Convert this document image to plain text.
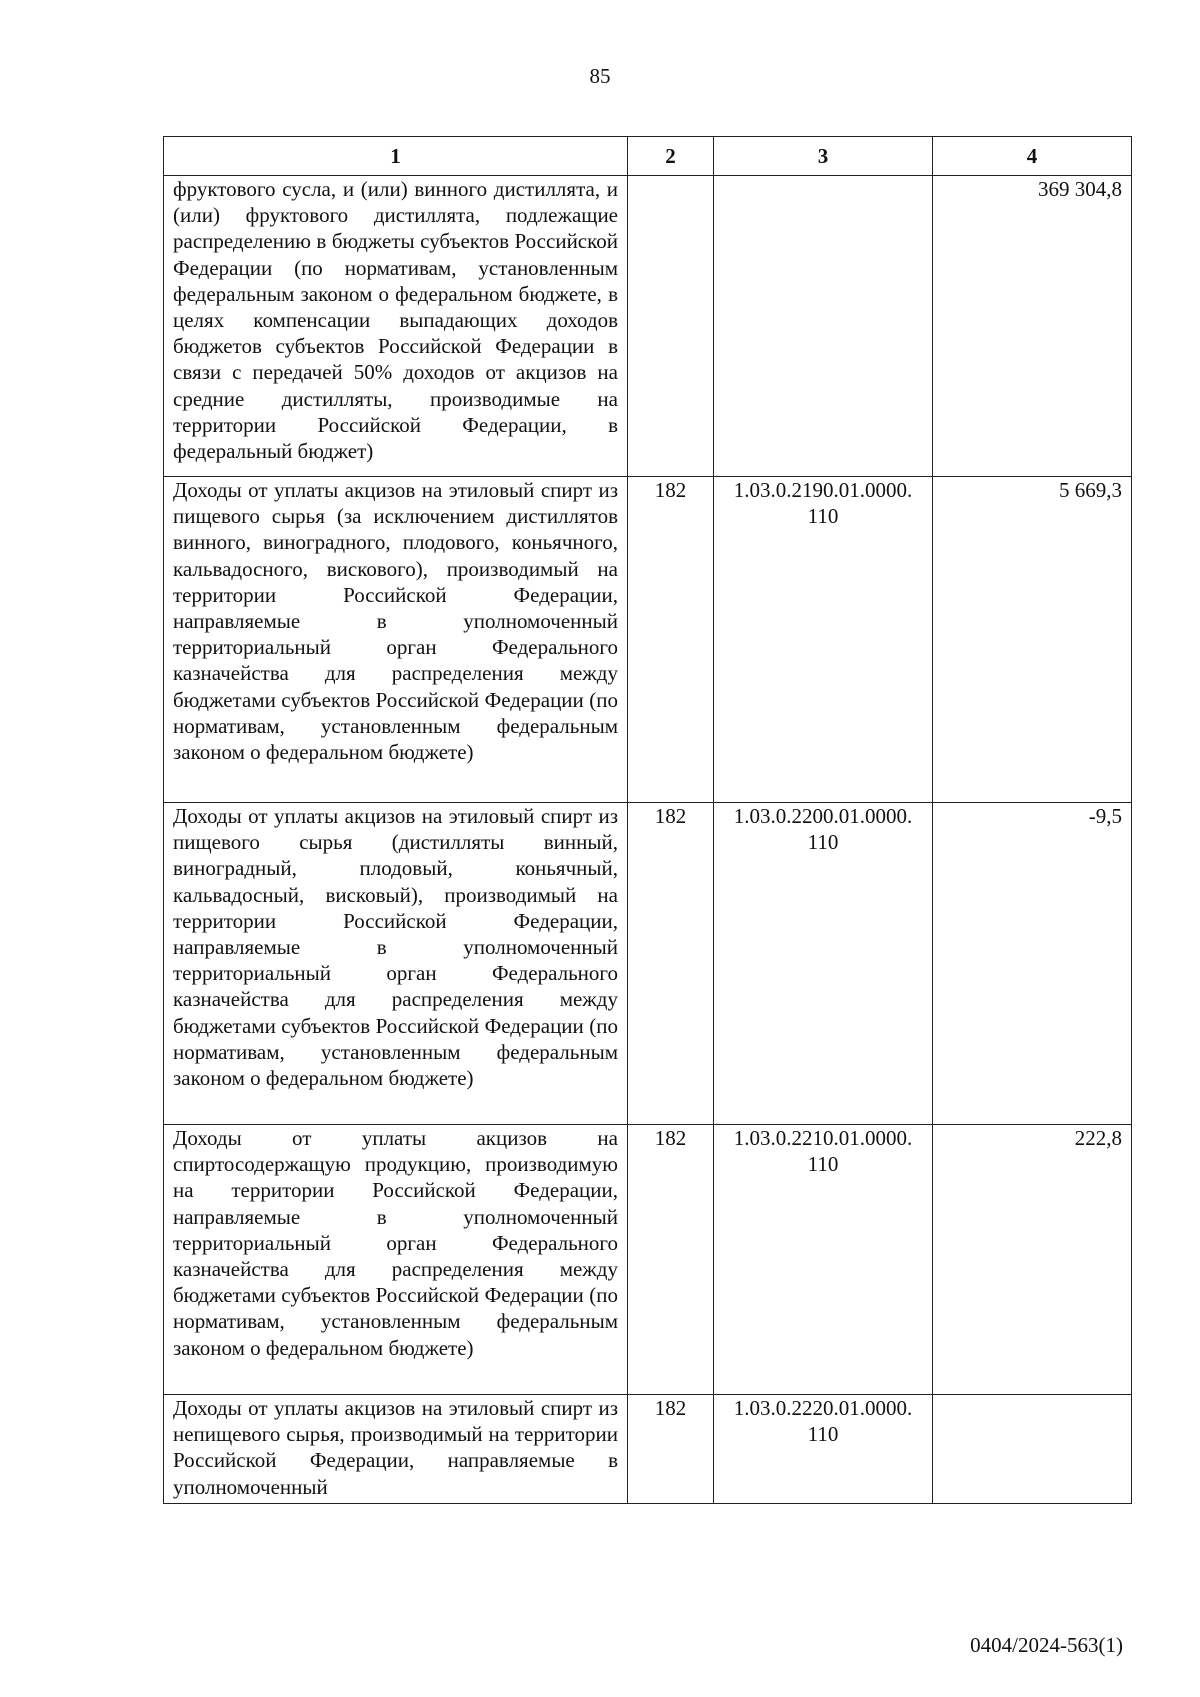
85
1	2	3	4
фруктового сусла, и (или) винного дистиллята, и (или) фруктового дистиллята, подлежащие распределению в бюджеты субъектов Российской Федерации (по нормативам, установленным федеральным законом о федеральном бюджете, в целях компенсации выпадающих доходов бюджетов субъектов Российской Федерации в связи с передачей 50% доходов от акцизов на средние дистилляты, производимые на территории Российской Федерации, в федеральный бюджет)			369 304,8
Доходы от уплаты акцизов на этиловый спирт из пищевого сырья (за исключением дистиллятов винного, виноградного, плодового, коньячного, кальвадосного, вискового), производимый на территории Российской Федерации, направляемые в уполномоченный территориальный орган Федерального казначейства для распределения между бюджетами субъектов Российской Федерации (по нормативам, установленным федеральным законом о федеральном бюджете)	182	1.03.0.2190.01.0000.
110	5 669,3
Доходы от уплаты акцизов на этиловый спирт из пищевого сырья (дистилляты винный, виноградный, плодовый, коньячный, кальвадосный, висковый), производимый на территории Российской Федерации, направляемые в уполномоченный территориальный орган Федерального казначейства для распределения между бюджетами субъектов Российской Федерации (по нормативам, установленным федеральным законом о федеральном бюджете)	182	1.03.0.2200.01.0000.
110	-9,5
Доходы от уплаты акцизов на спиртосодержащую продукцию, производимую на территории Российской Федерации, направляемые в уполномоченный территориальный орган Федерального казначейства для распределения между бюджетами субъектов Российской Федерации (по нормативам, установленным федеральным законом о федеральном бюджете)	182	1.03.0.2210.01.0000.
110	222,8
Доходы от уплаты акцизов на этиловый спирт из непищевого сырья, производимый на территории Российской Федерации, направляемые в уполномоченный	182	1.03.0.2220.01.0000.
110	
0404/2024-563(1)
